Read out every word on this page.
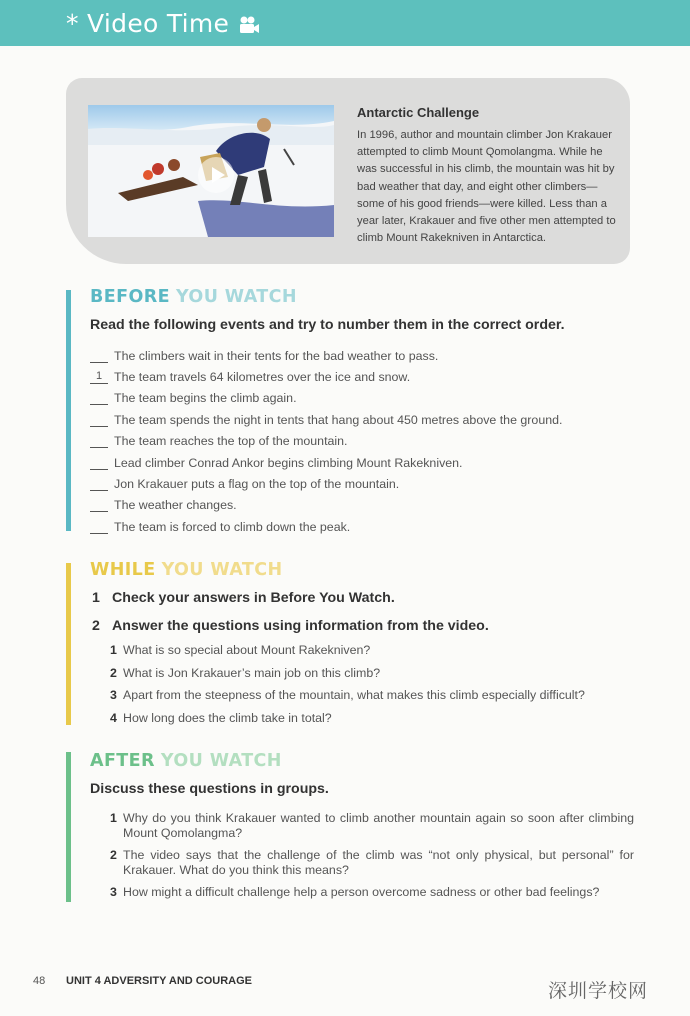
* Video Time
Antarctic Challenge
In 1996, author and mountain climber Jon Krakauer attempted to climb Mount Qomolangma. While he was successful in his climb, the mountain was hit by bad weather that day, and eight other climbers—some of his good friends—were killed. Less than a year later, Krakauer and five other men attempted to climb Mount Rakekniven in Antarctica.
BEFORE YOU WATCH
Read the following events and try to number them in the correct order.
The climbers wait in their tents for the bad weather to pass.
1 The team travels 64 kilometres over the ice and snow.
The team begins the climb again.
The team spends the night in tents that hang about 450 metres above the ground.
The team reaches the top of the mountain.
Lead climber Conrad Ankor begins climbing Mount Rakekniven.
Jon Krakauer puts a flag on the top of the mountain.
The weather changes.
The team is forced to climb down the peak.
WHILE YOU WATCH
1 Check your answers in Before You Watch.
2 Answer the questions using information from the video.
1 What is so special about Mount Rakekniven?
2 What is Jon Krakauer’s main job on this climb?
3 Apart from the steepness of the mountain, what makes this climb especially difficult?
4 How long does the climb take in total?
AFTER YOU WATCH
Discuss these questions in groups.
1 Why do you think Krakauer wanted to climb another mountain again so soon after climbing Mount Qomolangma?
2 The video says that the challenge of the climb was “not only physical, but personal” for Krakauer. What do you think this means?
3 How might a difficult challenge help a person overcome sadness or other bad feelings?
48 UNIT 4 ADVERSITY AND COURAGE	深圳学校网
